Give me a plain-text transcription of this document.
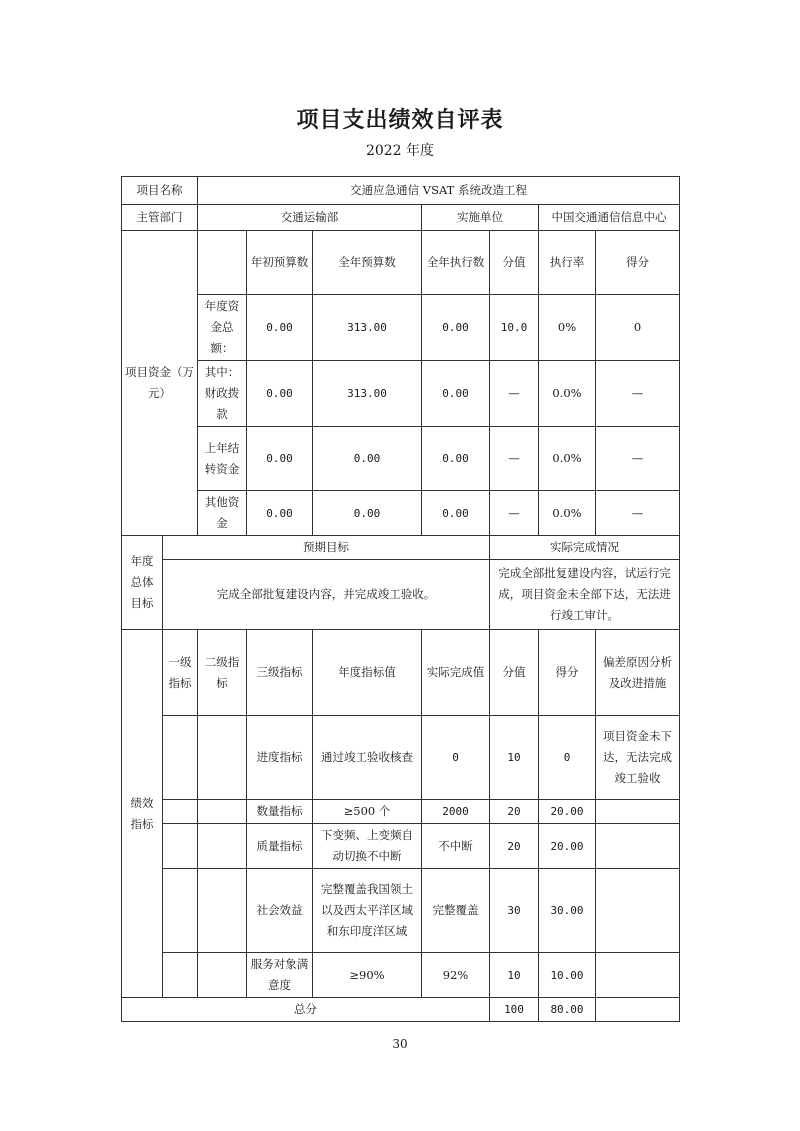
项目支出绩效自评表
2022 年度
项目名称		交通应急通信 VSAT 系统改造工程						
主管部门		交通运输部			实施单位		中国交通通信信息中心	
项目资金（万元）			年初预算数	全年预算数	全年执行数	分值	执行率	得分
		年度资金总额：	0.00	313.00	0.00	10.0	0%	0
		其中：财政拨款	0.00	313.00	0.00	—	0.0%	—
		上年结转资金	0.00	0.00	0.00	—	0.0%	—
		其他资金	0.00	0.00	0.00	—	0.0%	—
年度总体目标	预期目标					实际完成情况		
	完成全部批复建设内容，并完成竣工验收。					完成全部批复建设内容，试运行完成，项目资金未全部下达，无法进行竣工审计。		
绩效指标	一级指标	二级指标	三级指标	年度指标值	实际完成值	分值	得分	偏差原因分析及改进措施
			进度指标	通过竣工验收核查	0	10	0	项目资金未下达，无法完成竣工验收
			数量指标	≥500 个	2000	20	20.00	
			质量指标	下变频、上变频自动切换不中断	不中断	20	20.00	
			社会效益	完整覆盖我国领土以及西太平洋区域和东印度洋区域	完整覆盖	30	30.00	
			服务对象满意度	≥90%	92%	10	10.00	
总分						100	80.00	
30
